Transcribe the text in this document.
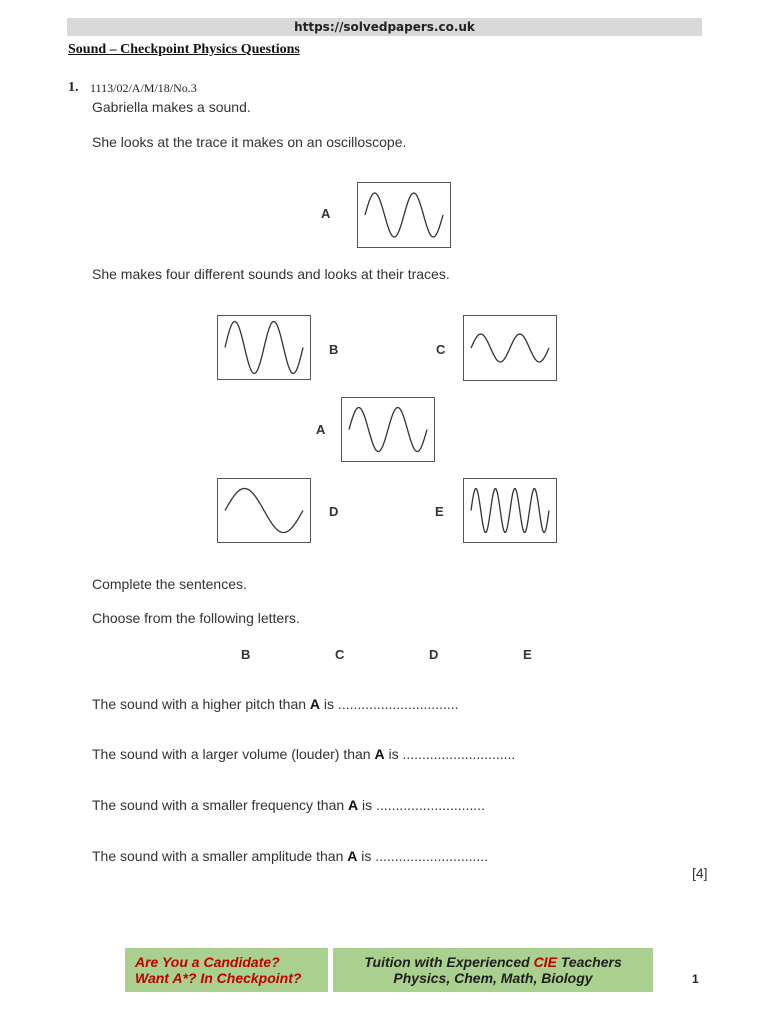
https://solvedpapers.co.uk
Sound – Checkpoint Physics Questions
1. 1113/02/A/M/18/No.3
Gabriella makes a sound.
She looks at the trace it makes on an oscilloscope.
A
She makes four different sounds and looks at their traces.
B	C
A
D	E
Complete the sentences.
Choose from the following letters.
B	C	D	E
The sound with a higher pitch than A is ...............................
The sound with a larger volume (louder) than A is .............................
The sound with a smaller frequency than A is ............................
The sound with a smaller amplitude than A is .............................
[4]
Are You a Candidate?
Want A*? In Checkpoint?
Tuition with Experienced CIE Teachers
Physics, Chem, Math, Biology	1
